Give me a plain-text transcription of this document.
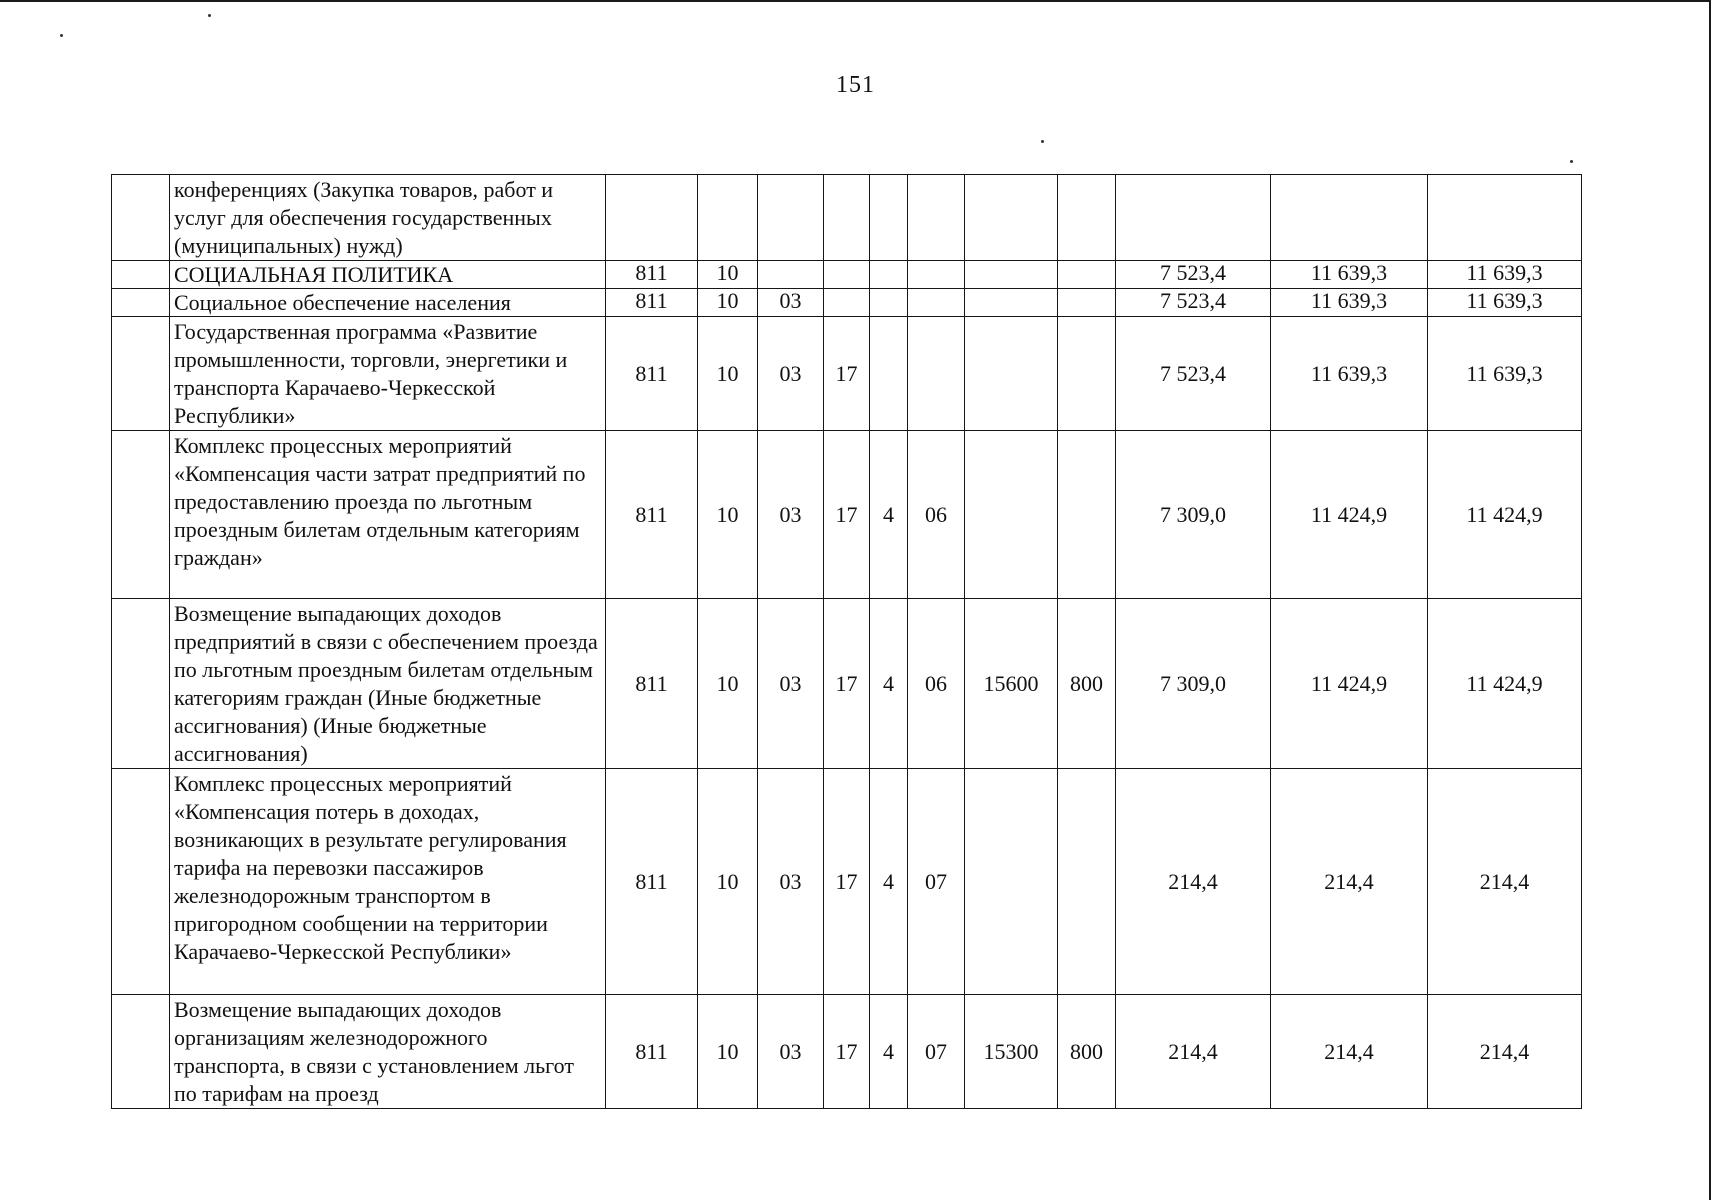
151
	конференциях (Закупка товаров, работ и услуг для обеспечения государственных (муниципальных) нужд)											
	СОЦИАЛЬНАЯ ПОЛИТИКА	811	10							7 523,4	11 639,3	11 639,3
	Социальное обеспечение населения	811	10	03						7 523,4	11 639,3	11 639,3
	Государственная программа «Развитие промышленности, торговли, энергетики и транспорта Карачаево-Черкесской Республики»	811	10	03	17					7 523,4	11 639,3	11 639,3
	Комплекс процессных мероприятий «Компенсация части затрат предприятий по предоставлению проезда по льготным проездным билетам отдельным категориям граждан»	811	10	03	17	4	06			7 309,0	11 424,9	11 424,9
	Возмещение выпадающих доходов предприятий в связи с обеспечением проезда по льготным проездным билетам отдельным категориям граждан (Иные бюджетные ассигнования) (Иные бюджетные ассигнования)	811	10	03	17	4	06	15600	800	7 309,0	11 424,9	11 424,9
	Комплекс процессных мероприятий «Компенсация потерь в доходах, возникающих в результате регулирования тарифа на перевозки пассажиров железнодорожным транспортом в пригородном сообщении на территории Карачаево-Черкесской Республики»	811	10	03	17	4	07			214,4	214,4	214,4
	Возмещение выпадающих доходов организациям железнодорожного транспорта, в связи с установлением льгот по тарифам на проезд	811	10	03	17	4	07	15300	800	214,4	214,4	214,4
